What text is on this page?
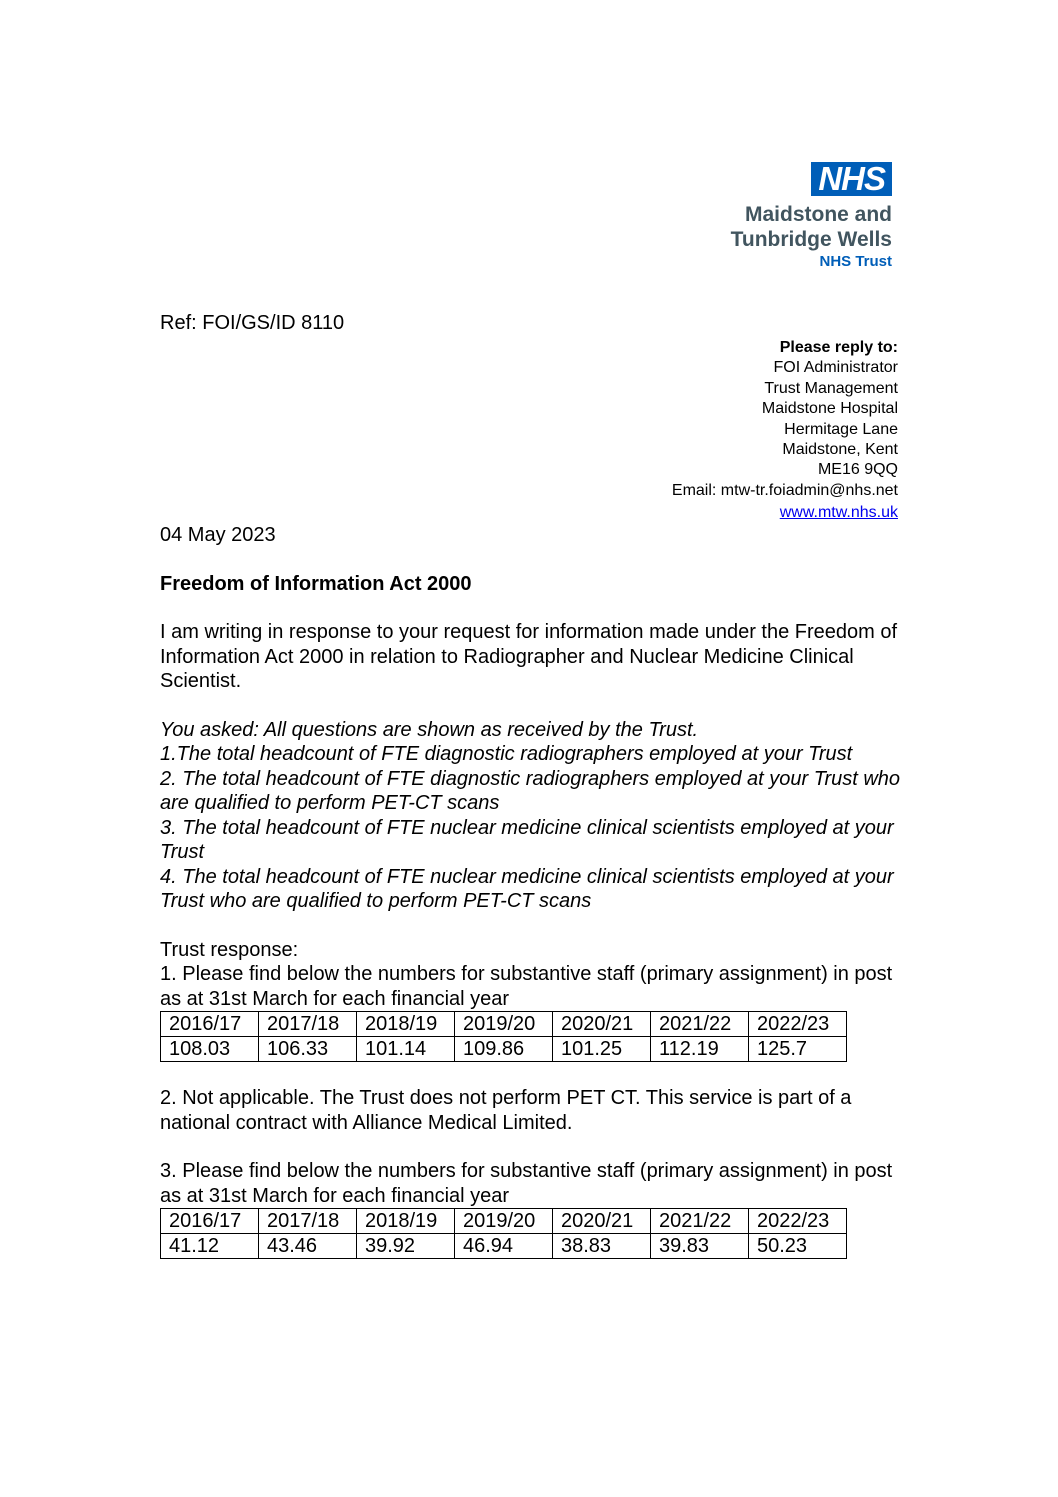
NHS
Maidstone and
Tunbridge Wells
NHS Trust
Ref: FOI/GS/ID 8110
Please reply to:
FOI Administrator
Trust Management
Maidstone Hospital
Hermitage Lane
Maidstone, Kent
ME16 9QQ
Email: mtw-tr.foiadmin@nhs.net
www.mtw.nhs.uk

04 May 2023

Freedom of Information Act 2000

I am writing in response to your request for information made under the Freedom of Information Act 2000 in relation to Radiographer and Nuclear Medicine Clinical Scientist.

You asked: All questions are shown as received by the Trust.

1.The total headcount of FTE diagnostic radiographers employed at your Trust

2. The total headcount of FTE diagnostic radiographers employed at your Trust who are qualified to perform PET-CT scans

3. The total headcount of FTE nuclear medicine clinical scientists employed at your Trust

4. The total headcount of FTE nuclear medicine clinical scientists employed at your Trust who are qualified to perform PET-CT scans

Trust response:

1. Please find below the numbers for substantive staff (primary assignment) in post as at 31st March for each financial year

2016/17	2017/18	2018/19	2019/20	2020/21	2021/22	2022/23
108.03	106.33	101.14	109.86	101.25	112.19	125.7

2. Not applicable. The Trust does not perform PET CT. This service is part of a national contract with Alliance Medical Limited.

3. Please find below the numbers for substantive staff (primary assignment) in post as at 31st March for each financial year

2016/17	2017/18	2018/19	2019/20	2020/21	2021/22	2022/23
41.12	43.46	39.92	46.94	38.83	39.83	50.23
